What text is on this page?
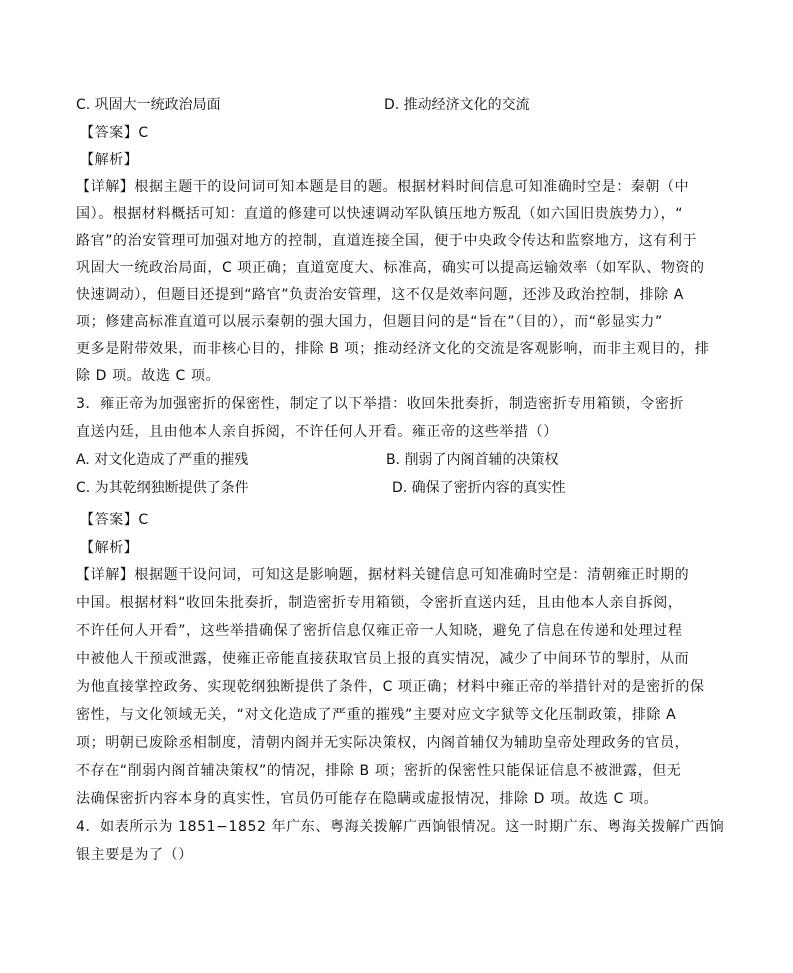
C. 巩固大一统政治局面	D. 推动经济文化的交流
【答案】C
【解析】
【详解】根据主题干的设问词可知本题是目的题。根据材料时间信息可知准确时空是：秦朝（中
国）。根据材料概括可知：直道的修建可以快速调动军队镇压地方叛乱（如六国旧贵族势力），“
路官”的治安管理可加强对地方的控制，直道连接全国，便于中央政令传达和监察地方，这有利于
巩固大一统政治局面，C 项正确；直道宽度大、标准高，确实可以提高运输效率（如军队、物资的
快速调动），但题目还提到“路官”负责治安管理，这不仅是效率问题，还涉及政治控制，排除 A
项；修建高标准直道可以展示秦朝的强大国力，但题目问的是“旨在”（目的），而“彰显实力”
更多是附带效果，而非核心目的，排除 B 项；推动经济文化的交流是客观影响，而非主观目的，排
除 D 项。故选 C 项。
3．雍正帝为加强密折的保密性，制定了以下举措：收回朱批奏折，制造密折专用箱锁，令密折
直送内廷，且由他本人亲自拆阅，不许任何人开看。雍正帝的这些举措（）
A. 对文化造成了严重的摧残	B. 削弱了内阁首辅的决策权
C. 为其乾纲独断提供了条件	D. 确保了密折内容的真实性
【答案】C
【解析】
【详解】根据题干设问词，可知这是影响题，据材料关键信息可知准确时空是：清朝雍正时期的
中国。根据材料“收回朱批奏折，制造密折专用箱锁，令密折直送内廷，且由他本人亲自拆阅，
不许任何人开看”，这些举措确保了密折信息仅雍正帝一人知晓，避免了信息在传递和处理过程
中被他人干预或泄露，使雍正帝能直接获取官员上报的真实情况，减少了中间环节的掣肘，从而
为他直接掌控政务、实现乾纲独断提供了条件，C 项正确；材料中雍正帝的举措针对的是密折的保
密性，与文化领域无关，“对文化造成了严重的摧残”主要对应文字狱等文化压制政策，排除 A
项；明朝已废除丞相制度，清朝内阁并无实际决策权，内阁首辅仅为辅助皇帝处理政务的官员，
不存在“削弱内阁首辅决策权”的情况，排除 B 项；密折的保密性只能保证信息不被泄露，但无
法确保密折内容本身的真实性，官员仍可能存在隐瞒或虚报情况，排除 D 项。故选 C 项。
4．如表所示为 1851−1852 年广东、粤海关拨解广西饷银情况。这一时期广东、粤海关拨解广西饷
银主要是为了（）
